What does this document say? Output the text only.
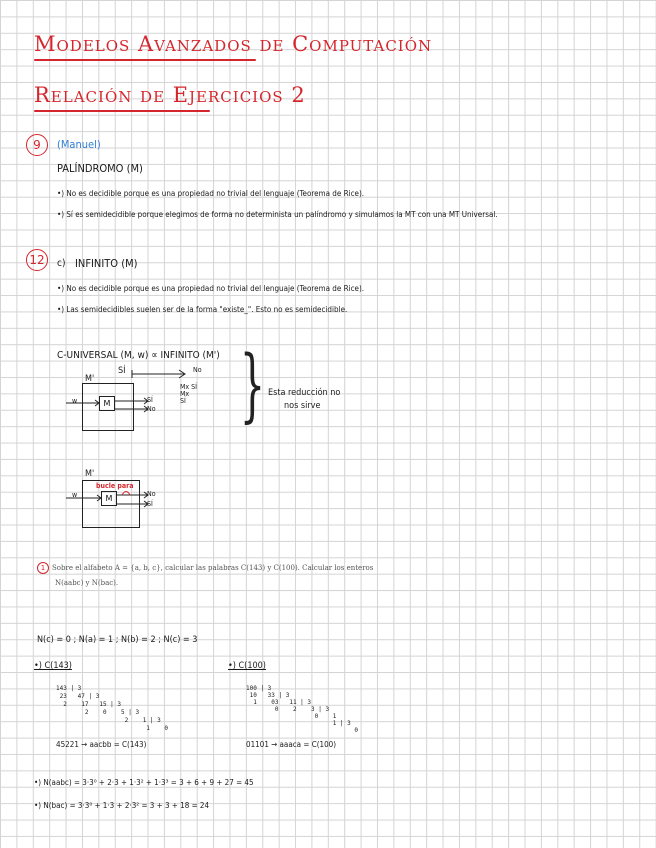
Modelos Avanzados de Computación
Relación de Ejercicios 2
9	(Manuel)
PALÍNDROMO (M)
•) No es decidible porque es una propiedad no trivial del lenguaje (Teorema de Rice).
•) Sí es semidecidible porque elegimos de forma no determinista un palíndromo y simulamos la MT con una MT Universal.
12	c) INFINITO (M)
•) No es decidible porque es una propiedad no trivial del lenguaje (Teorema de Rice).
•) Las semidecidibles suelen ser de la forma "existe_". Esto no es semidecidible.
C-UNIVERSAL (M, w) ∝ INFINITO (M')
M'
SÍ	No
Mx SÍ Mx
SÍ
M
w	SÍ
No } Esta reducción no
nos sirve
M'
bucle para
M
w	No
SÍ
1 Sobre el alfabeto A = {a, b, c}, calcular las palabras C(143) y C(100). Calcular los enteros
N(aabc) y N(bac).
N(c) = 0 ; N(a) = 1 ; N(b) = 2 ; N(c) = 3
•) C(143)	•) C(100)
143 | 3
23   47 | 3
2    17   15 | 3
2    0    5 | 3
2    1 | 3
1    0
100 | 3
10   33 | 3
1    03   11 | 3
0    2    3 | 3
0    1
1 | 3
0
45221 → aacbb = C(143)	01101 → aaaca = C(100)
•) N(aabc) = 3·3⁰ + 2·3 + 1·3² + 1·3³ = 3 + 6 + 9 + 27 = 45
•) N(bac) = 3·3⁰ + 1·3 + 2·3² = 3 + 3 + 18 = 24
